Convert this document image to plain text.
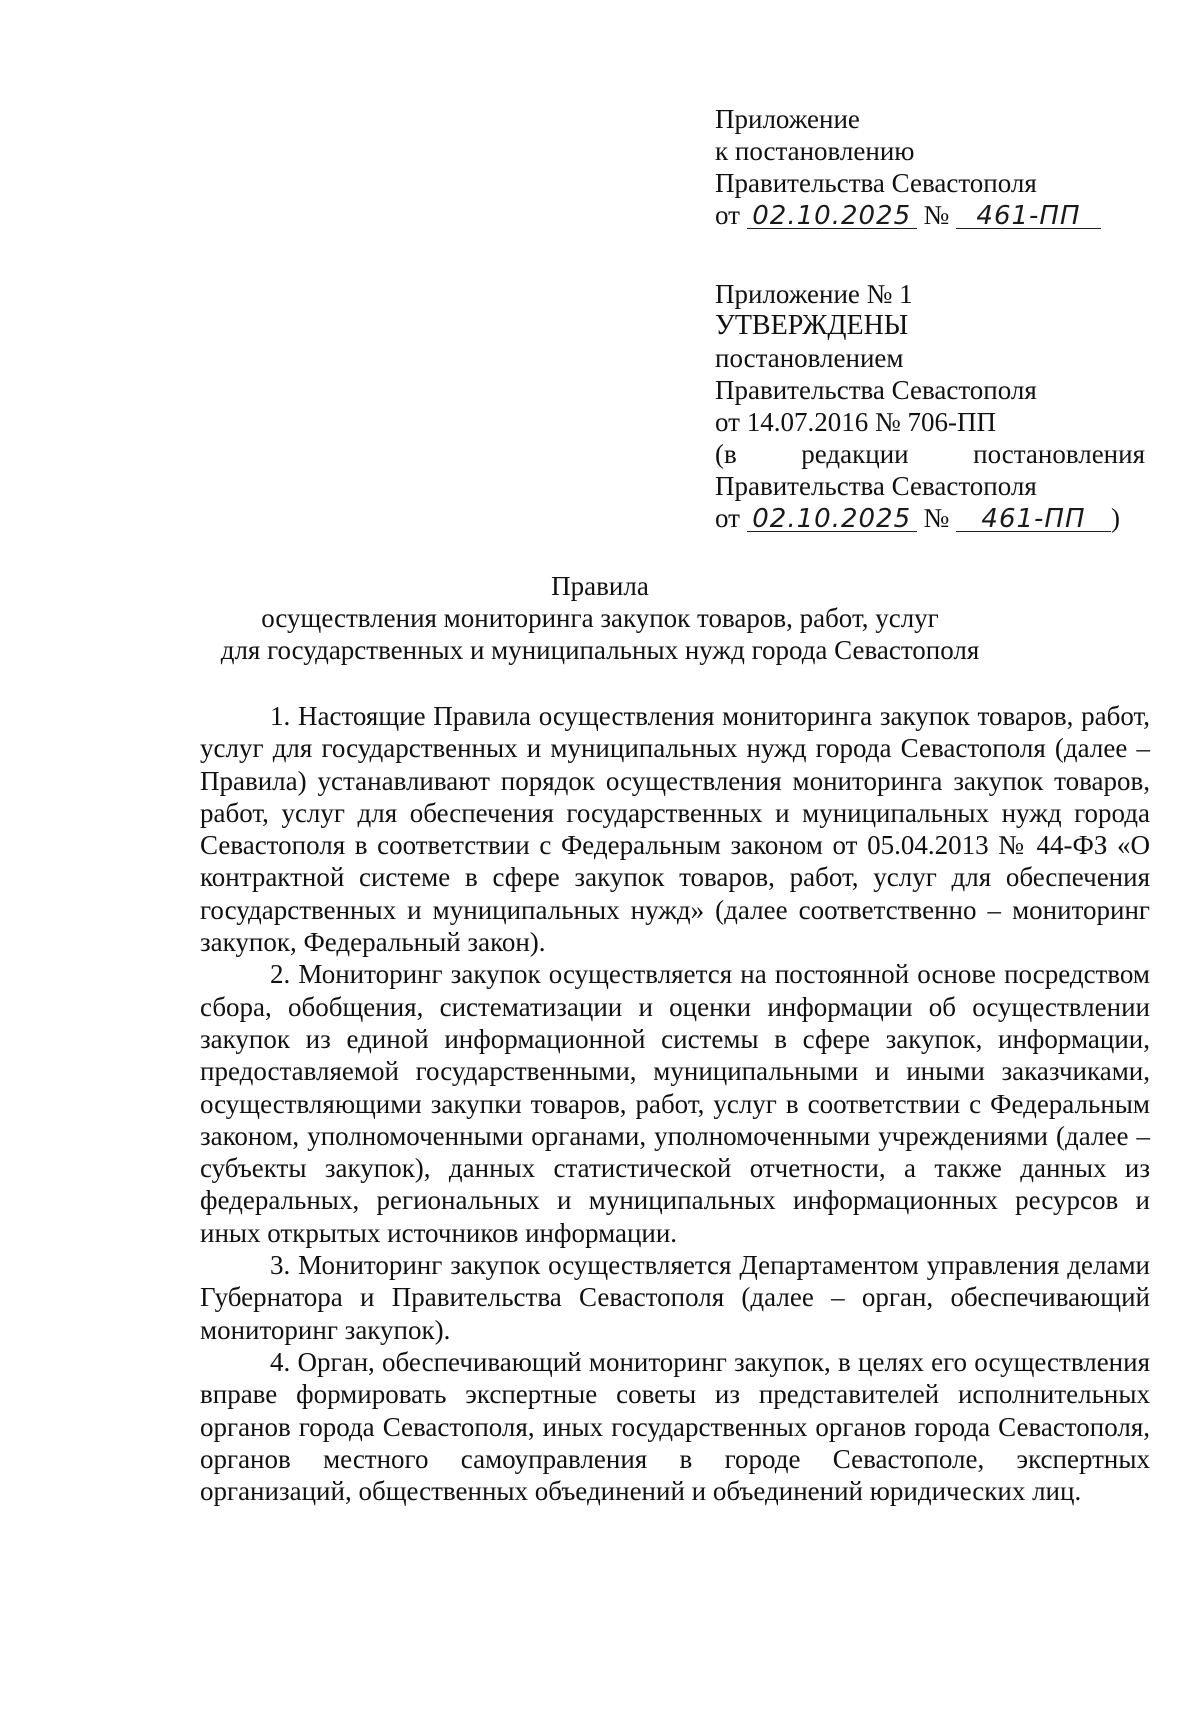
Приложение
к постановлению
Правительства Севастополя
от 02.10.2025 № 461-ПП
Приложение № 1
УТВЕРЖДЕНЫ
постановлением
Правительства Севастополя
от 14.07.2016 № 706-ПП
(в редакции постановления
Правительства Севастополя
от 02.10.2025 № 461-ПП )
Правила
осуществления мониторинга закупок товаров, работ, услуг
для государственных и муниципальных нужд города Севастополя

1. Настоящие Правила осуществления мониторинга закупок товаров, работ, услуг для государственных и муниципальных нужд города Севастополя (далее – Правила) устанавливают порядок осуществления мониторинга закупок товаров, работ, услуг для обеспечения государственных и муниципальных нужд города Севастополя в соответствии с Федеральным законом от 05.04.2013 № 44-ФЗ «О контрактной системе в сфере закупок товаров, работ, услуг для обеспечения государственных и муниципальных нужд» (далее соответственно – мониторинг закупок, Федеральный закон).

2. Мониторинг закупок осуществляется на постоянной основе посредством сбора, обобщения, систематизации и оценки информации об осуществлении закупок из единой информационной системы в сфере закупок, информации, предоставляемой государственными, муниципальными и иными заказчиками, осуществляющими закупки товаров, работ, услуг в соответствии с Федеральным законом, уполномоченными органами, уполномоченными учреждениями (далее – субъекты закупок), данных статистической отчетности, а также данных из федеральных, региональных и муниципальных информационных ресурсов и иных открытых источников информации.

3. Мониторинг закупок осуществляется Департаментом управления делами Губернатора и Правительства Севастополя (далее – орган, обеспечивающий мониторинг закупок).

4. Орган, обеспечивающий мониторинг закупок, в целях его осуществления вправе формировать экспертные советы из представителей исполнительных органов города Севастополя, иных государственных органов города Севастополя, органов местного самоуправления в городе Севастополе, экспертных организаций, общественных объединений и объединений юридических лиц.
